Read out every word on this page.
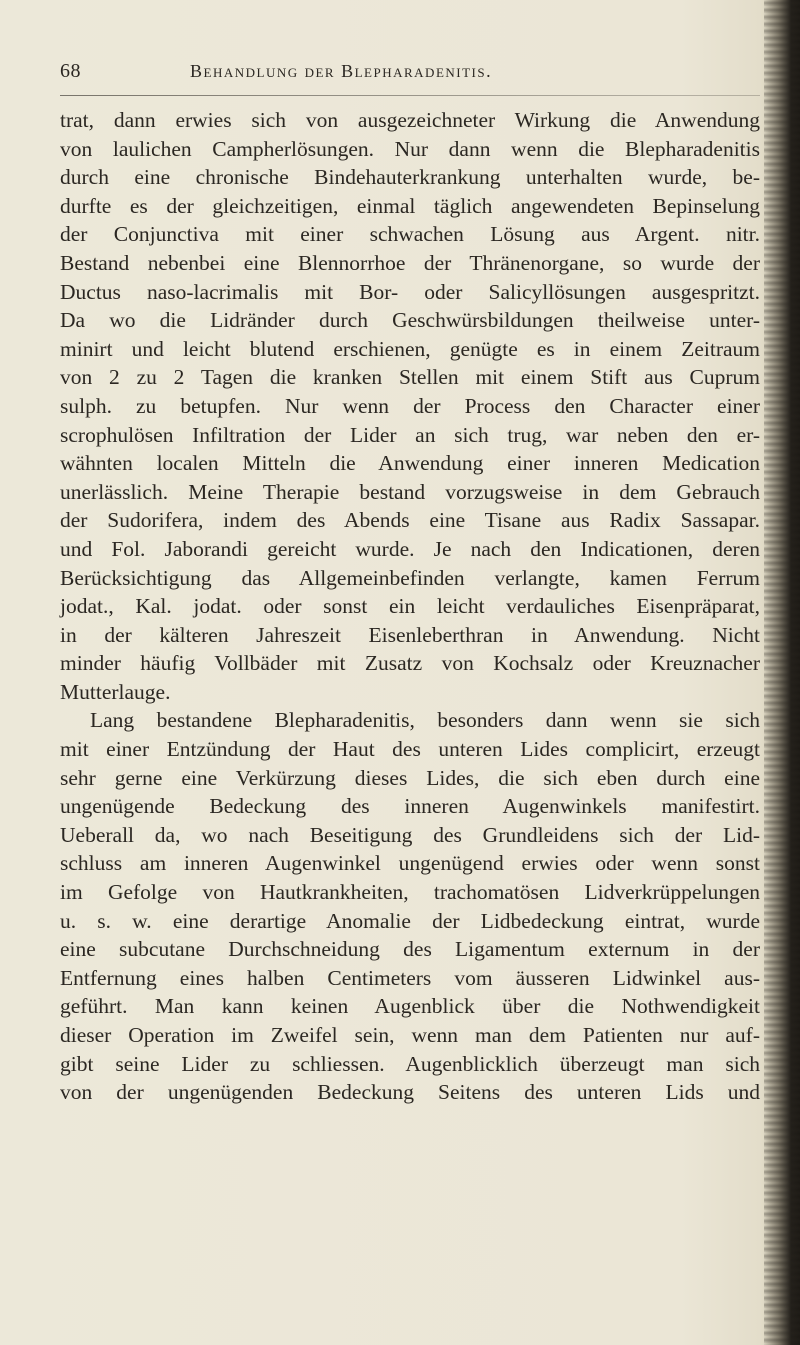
68	Behandlung der Blepharadenitis.
trat, dann erwies sich von ausgezeichneter Wirkung die Anwendung
von laulichen Campherlösungen. Nur dann wenn die Blepharadenitis
durch eine chronische Bindehauterkrankung unterhalten wurde, be-
durfte es der gleichzeitigen, einmal täglich angewendeten Bepinselung
der Conjunctiva mit einer schwachen Lösung aus Argent. nitr.
Bestand nebenbei eine Blennorrhoe der Thränenorgane, so wurde der
Ductus naso-lacrimalis mit Bor- oder Salicyllösungen ausgespritzt.
Da wo die Lidränder durch Geschwürsbildungen theilweise unter-
minirt und leicht blutend erschienen, genügte es in einem Zeitraum
von 2 zu 2 Tagen die kranken Stellen mit einem Stift aus Cuprum
sulph. zu betupfen. Nur wenn der Process den Character einer
scrophulösen Infiltration der Lider an sich trug, war neben den er-
wähnten localen Mitteln die Anwendung einer inneren Medication
unerlässlich. Meine Therapie bestand vorzugsweise in dem Gebrauch
der Sudorifera, indem des Abends eine Tisane aus Radix Sassapar.
und Fol. Jaborandi gereicht wurde. Je nach den Indicationen, deren
Berücksichtigung das Allgemeinbefinden verlangte, kamen Ferrum
jodat., Kal. jodat. oder sonst ein leicht verdauliches Eisenpräparat,
in der kälteren Jahreszeit Eisenleberthran in Anwendung. Nicht
minder häufig Vollbäder mit Zusatz von Kochsalz oder Kreuznacher
Mutterlauge.
Lang bestandene Blepharadenitis, besonders dann wenn sie sich
mit einer Entzündung der Haut des unteren Lides complicirt, erzeugt
sehr gerne eine Verkürzung dieses Lides, die sich eben durch eine
ungenügende Bedeckung des inneren Augenwinkels manifestirt.
Ueberall da, wo nach Beseitigung des Grundleidens sich der Lid-
schluss am inneren Augenwinkel ungenügend erwies oder wenn sonst
im Gefolge von Hautkrankheiten, trachomatösen Lidverkrüppelungen
u. s. w. eine derartige Anomalie der Lidbedeckung eintrat, wurde
eine subcutane Durchschneidung des Ligamentum externum in der
Entfernung eines halben Centimeters vom äusseren Lidwinkel aus-
geführt. Man kann keinen Augenblick über die Nothwendigkeit
dieser Operation im Zweifel sein, wenn man dem Patienten nur auf-
gibt seine Lider zu schliessen. Augenblicklich überzeugt man sich
von der ungenügenden Bedeckung Seitens des unteren Lids und
